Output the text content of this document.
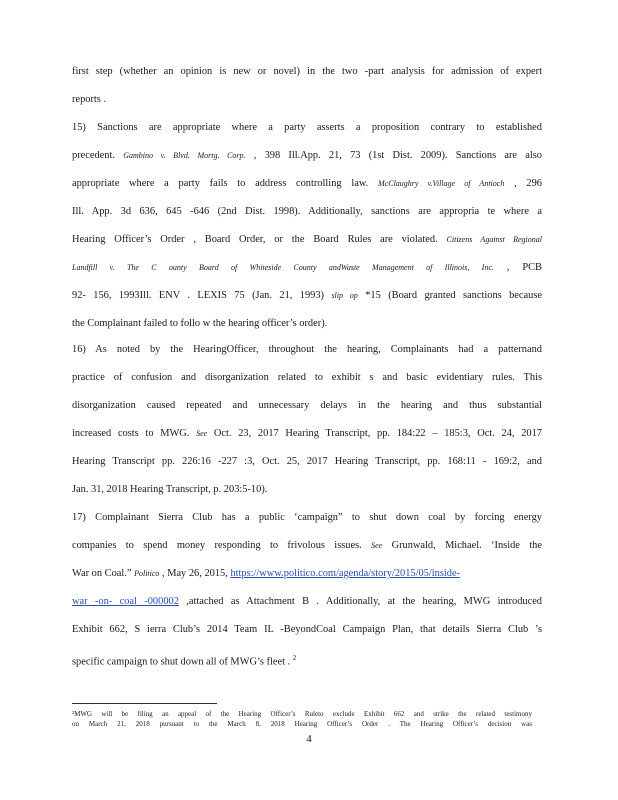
first step (whether an opinion is new or novel) in the two -part analysis for admission of expert
reports .
15) Sanctions are appropriate where a party asserts a proposition contrary to established
precedent. Gambino v. Blvd. Mortg. Corp. , 398 Ill.App. 21, 73 (1st Dist. 2009). Sanctions are also
appropriate where a party fails to address controlling law. McClaughry v.Village of Antioch , 296
Ill. App. 3d 636, 645 -646 (2nd Dist. 1998). Additionally, sanctions are appropria te where a
Hearing Officer’s Order , Board Order, or the Board Rules are violated. Citizens Against Regional
Landfill v. The C ounty Board of Whiteside County andWaste Management of Illinois, Inc. , PCB
92- 156, 1993Ill. ENV . LEXIS 75 (Jan. 21, 1993) slip op *15 (Board granted sanctions because
the Complainant failed to follo w the hearing officer’s order).
16) As noted by the HearingOfficer, throughout the hearing, Complainants had a patternand
practice of confusion and disorganization related to exhibit s and basic evidentiary rules. This
disorganization caused repeated and unnecessary delays in the hearing and thus substantial
increased costs to MWG. See Oct. 23, 2017 Hearing Transcript, pp. 184:22 – 185:3, Oct. 24, 2017
Hearing Transcript pp. 226:16 -227 :3, Oct. 25, 2017 Hearing Transcript, pp. 168:11 - 169:2, and
Jan. 31, 2018 Hearing Transcript, p. 203:5-10).
17) Complainant Sierra Club has a public ‘campaign” to shut down coal by forcing energy
companies to spend money responding to frivolous issues. See Grunwald, Michael. ‘Inside the
War on Coal.” Politico , May 26, 2015, https://www.politico.com/agenda/story/2015/05/inside-
war -on- coal -000002 ,attached as Attachment B . Additionally, at the hearing, MWG introduced
Exhibit 662, S ierra Club’s 2014 Team IL -BeyondCoal Campaign Plan, that details Sierra Club ’s
specific campaign to shut down all of MWG’s fleet . $^2$
²MWG will be filing an appeal of the Hearing Officer’s Ruleto exclude Exhibit 662 and strike the related testimony
on March 21, 2018 pursuant to the March 8, 2018 Hearing Officer’s Order . The Hearing Officer’s decision was
4
